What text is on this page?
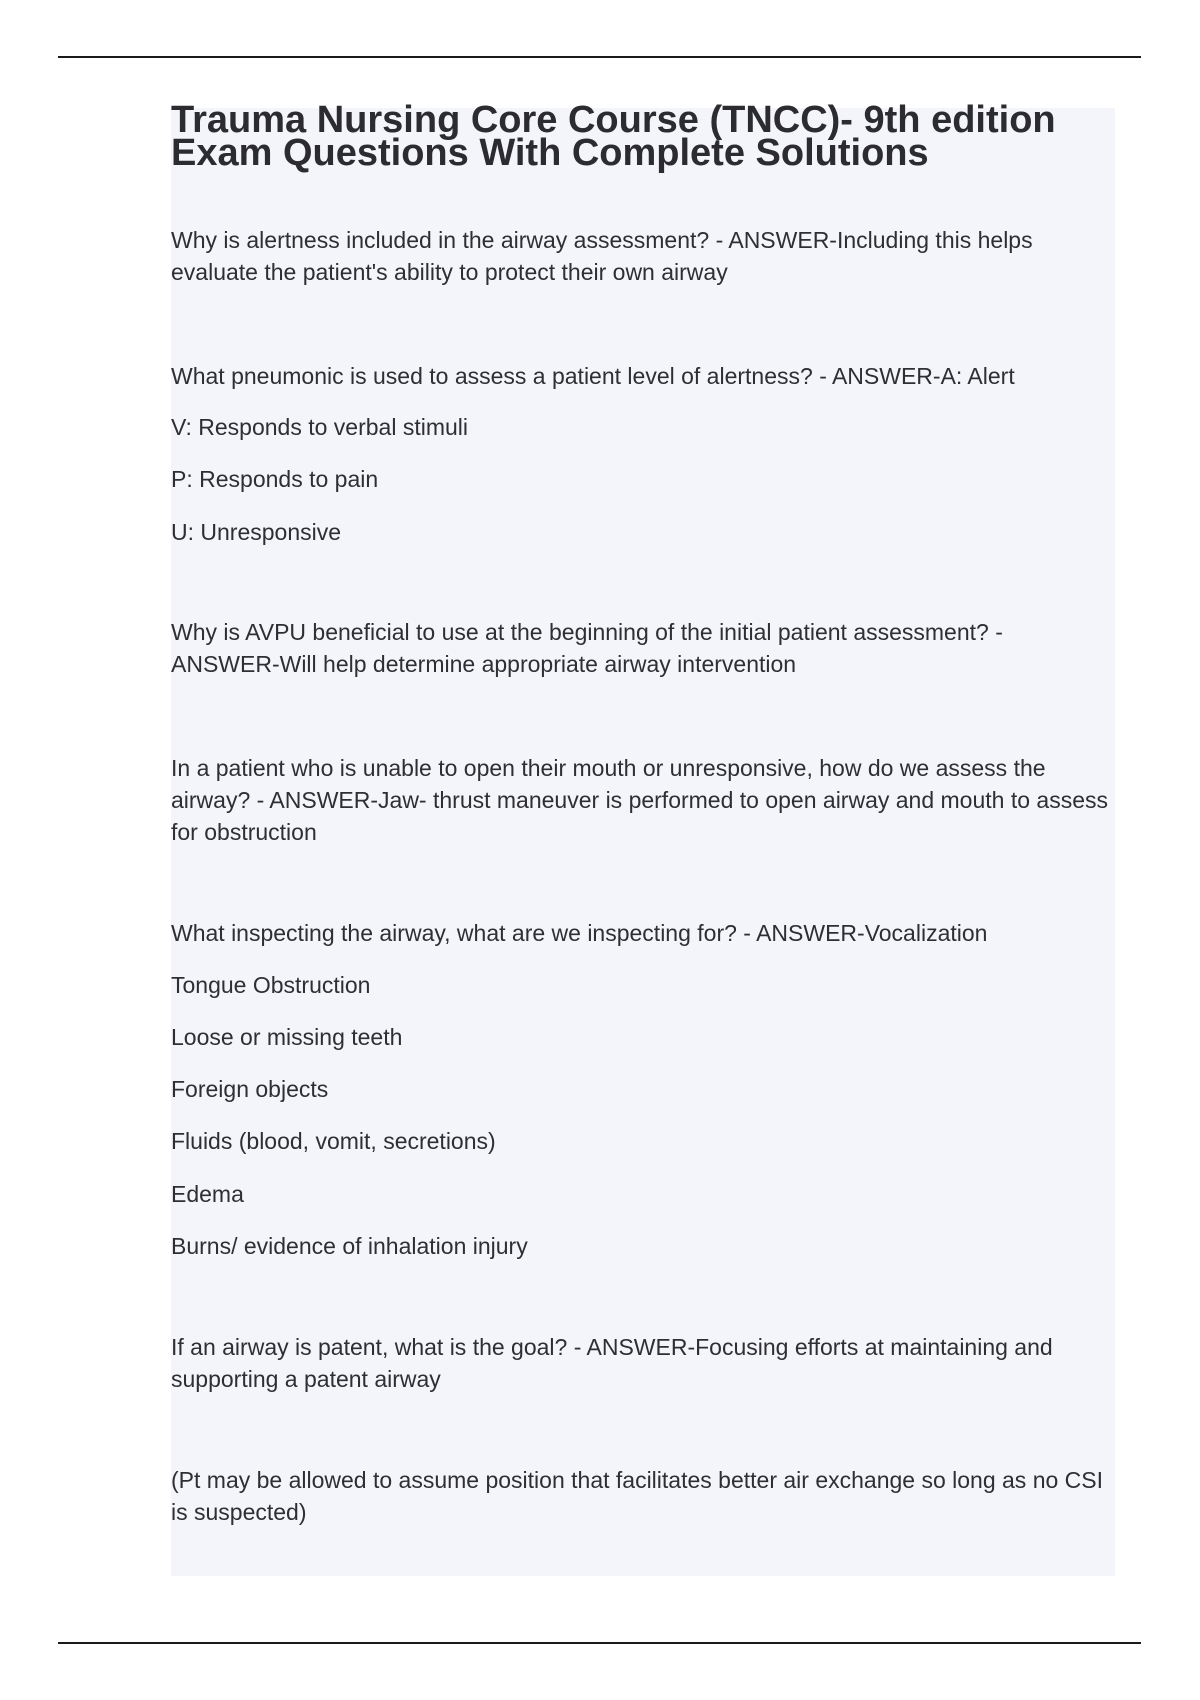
Trauma Nursing Core Course (TNCC)- 9th edition
Exam Questions With Complete Solutions

Why is alertness included in the airway assessment? - ANSWER-Including this helps evaluate the patient's ability to protect their own airway

What pneumonic is used to assess a patient level of alertness? - ANSWER-A: Alert

V: Responds to verbal stimuli

P: Responds to pain

U: Unresponsive

Why is AVPU beneficial to use at the beginning of the initial patient assessment? - ANSWER-Will help determine appropriate airway intervention

In a patient who is unable to open their mouth or unresponsive, how do we assess the airway? - ANSWER-Jaw- thrust maneuver is performed to open airway and mouth to assess for obstruction

What inspecting the airway, what are we inspecting for? - ANSWER-Vocalization

Tongue Obstruction

Loose or missing teeth

Foreign objects

Fluids (blood, vomit, secretions)

Edema

Burns/ evidence of inhalation injury

If an airway is patent, what is the goal? - ANSWER-Focusing efforts at maintaining and supporting a patent airway

(Pt may be allowed to assume position that facilitates better air exchange so long as no CSI is suspected)
